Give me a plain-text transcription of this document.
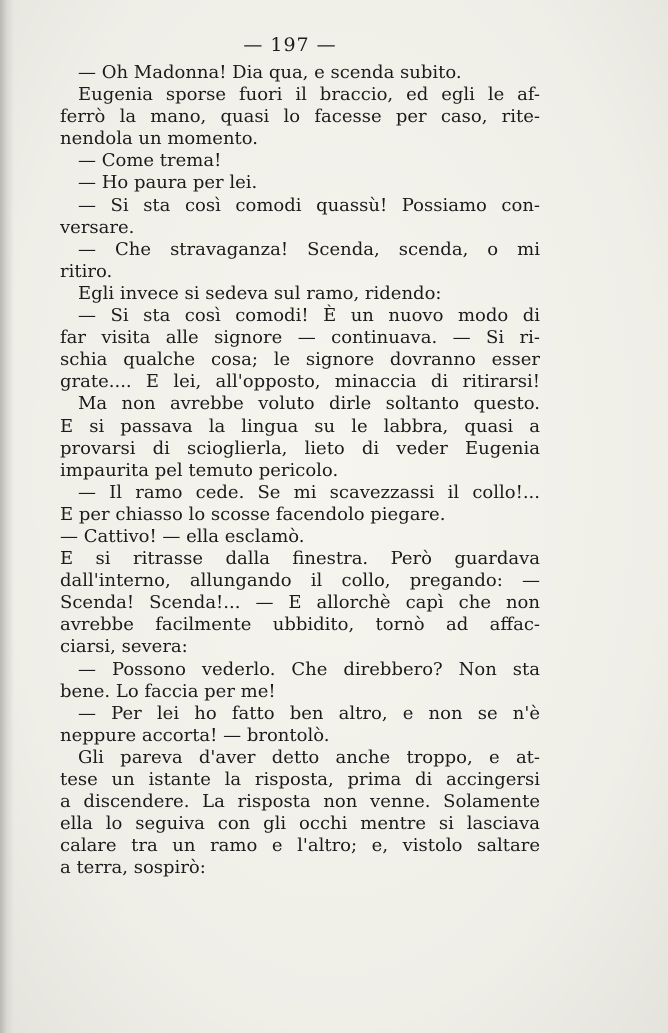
— 197 —
— Oh Madonna! Dia qua, e scenda subito.
Eugenia sporse fuori il braccio, ed egli le af-
ferrò la mano, quasi lo facesse per caso, rite-
nendola un momento.
— Come trema!
— Ho paura per lei.
— Si sta così comodi quassù! Possiamo con-
versare.
— Che stravaganza! Scenda, scenda, o mi
ritiro.
Egli invece si sedeva sul ramo, ridendo:
— Si sta così comodi! È un nuovo modo di
far visita alle signore — continuava. — Si ri-
schia qualche cosa; le signore dovranno esser
grate.... E lei, all'opposto, minaccia di ritirarsi!
Ma non avrebbe voluto dirle soltanto questo.
E si passava la lingua su le labbra, quasi a
provarsi di scioglierla, lieto di veder Eugenia
impaurita pel temuto pericolo.
— Il ramo cede. Se mi scavezzassi il collo!...
E per chiasso lo scosse facendolo piegare.
— Cattivo! — ella esclamò.
E si ritrasse dalla finestra. Però guardava
dall'interno, allungando il collo, pregando: —
Scenda! Scenda!... — E allorchè capì che non
avrebbe facilmente ubbidito, tornò ad affac-
ciarsi, severa:
— Possono vederlo. Che direbbero? Non sta
bene. Lo faccia per me!
— Per lei ho fatto ben altro, e non se n'è
neppure accorta! — brontolò.
Gli pareva d'aver detto anche troppo, e at-
tese un istante la risposta, prima di accingersi
a discendere. La risposta non venne. Solamente
ella lo seguiva con gli occhi mentre si lasciava
calare tra un ramo e l'altro; e, vistolo saltare
a terra, sospirò:
